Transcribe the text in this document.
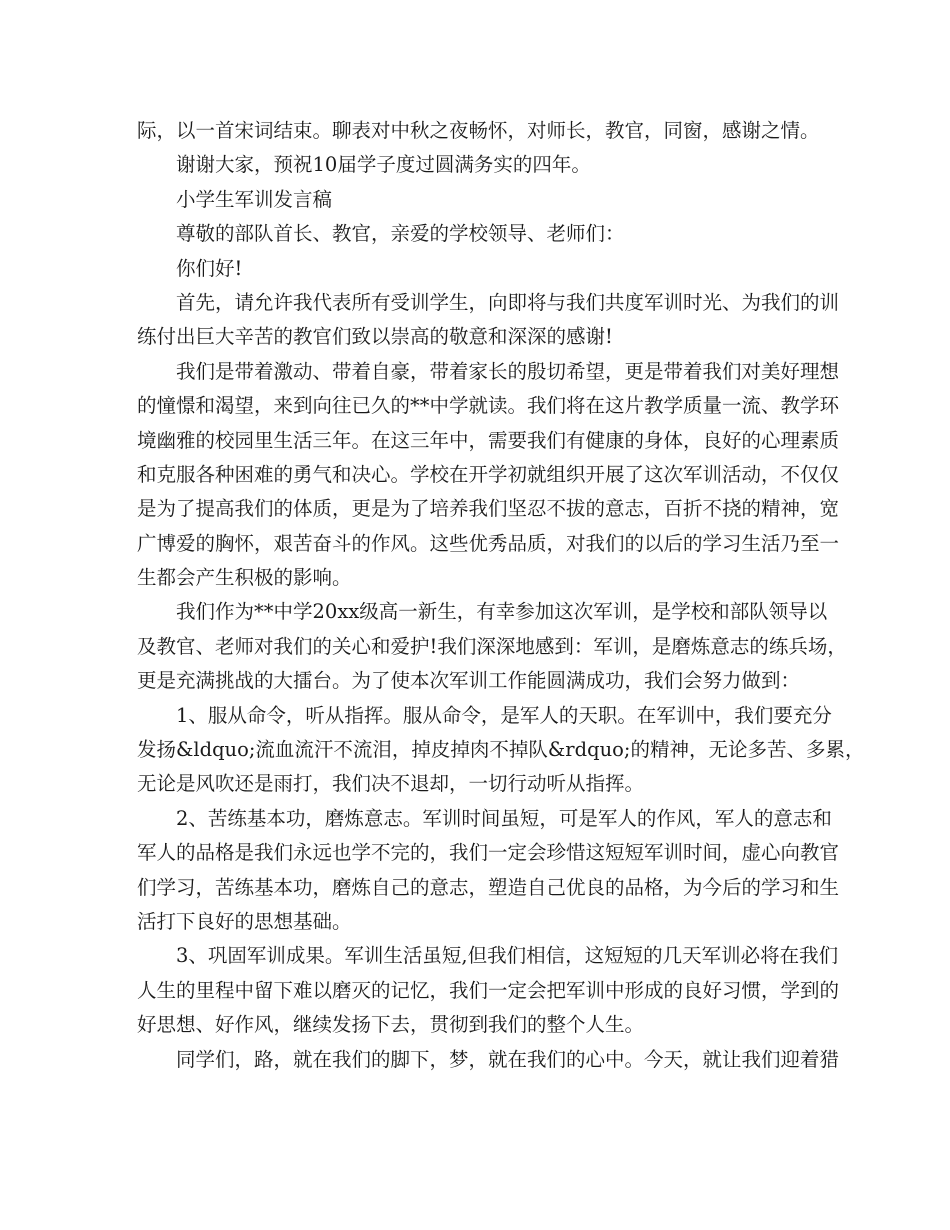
际，以一首宋词结束。聊表对中秋之夜畅怀，对师长，教官，同窗，感谢之情。
谢谢大家，预祝10届学子度过圆满务实的四年。
小学生军训发言稿
尊敬的部队首长、教官，亲爱的学校领导、老师们：
你们好!
首先，请允许我代表所有受训学生，向即将与我们共度军训时光、为我们的训
练付出巨大辛苦的教官们致以崇高的敬意和深深的感谢!
我们是带着激动、带着自豪，带着家长的殷切希望，更是带着我们对美好理想
的憧憬和渴望，来到向往已久的**中学就读。我们将在这片教学质量一流、教学环
境幽雅的校园里生活三年。在这三年中，需要我们有健康的身体，良好的心理素质
和克服各种困难的勇气和决心。学校在开学初就组织开展了这次军训活动，不仅仅
是为了提高我们的体质，更是为了培养我们坚忍不拔的意志，百折不挠的精神，宽
广博爱的胸怀，艰苦奋斗的作风。这些优秀品质，对我们的以后的学习生活乃至一
生都会产生积极的影响。
我们作为**中学20xx级高一新生，有幸参加这次军训，是学校和部队领导以
及教官、老师对我们的关心和爱护!我们深深地感到：军训，是磨炼意志的练兵场，
更是充满挑战的大擂台。为了使本次军训工作能圆满成功，我们会努力做到：
1、服从命令，听从指挥。服从命令，是军人的天职。在军训中，我们要充分
发扬&ldquo;流血流汗不流泪，掉皮掉肉不掉队&rdquo;的精神，无论多苦、多累，
无论是风吹还是雨打，我们决不退却，一切行动听从指挥。
2、苦练基本功，磨炼意志。军训时间虽短，可是军人的作风，军人的意志和
军人的品格是我们永远也学不完的，我们一定会珍惜这短短军训时间，虚心向教官
们学习，苦练基本功，磨炼自己的意志，塑造自己优良的品格，为今后的学习和生
活打下良好的思想基础。
3、巩固军训成果。军训生活虽短,但我们相信，这短短的几天军训必将在我们
人生的里程中留下难以磨灭的记忆，我们一定会把军训中形成的良好习惯，学到的
好思想、好作风，继续发扬下去，贯彻到我们的整个人生。
同学们，路，就在我们的脚下，梦，就在我们的心中。今天，就让我们迎着猎
